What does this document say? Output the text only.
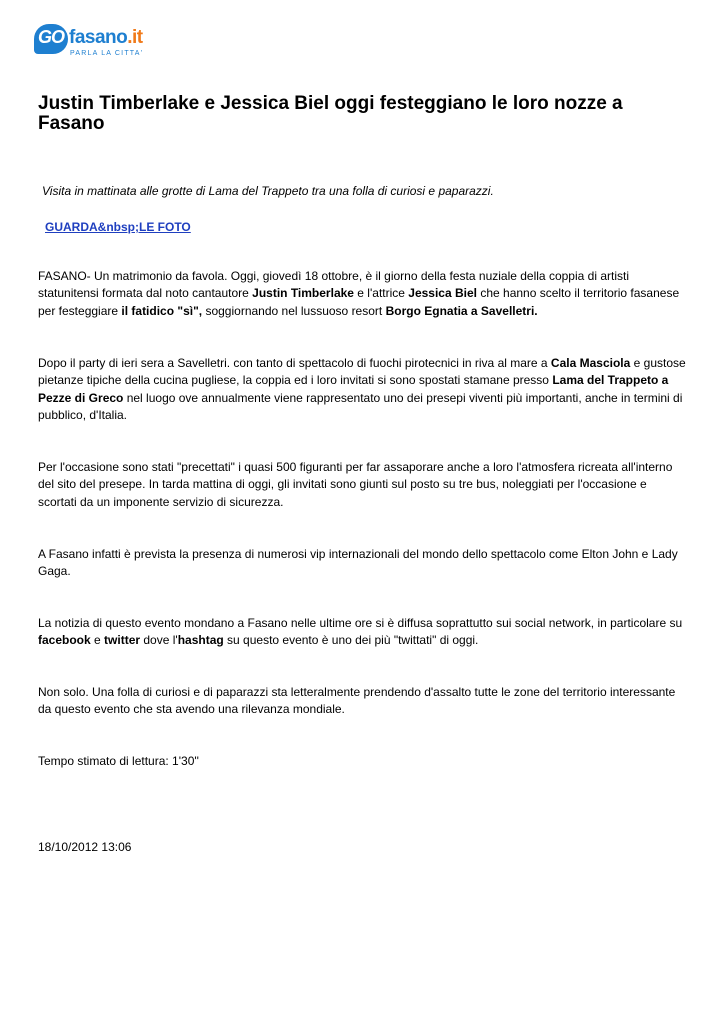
GO fasano.it
PARLA LA CITTA'
Justin Timberlake e Jessica Biel oggi festeggiano le loro nozze a Fasano

Visita in mattinata alle grotte di Lama del Trappeto tra una folla di curiosi e paparazzi.

GUARDA&nbsp;LE FOTO

FASANO- Un matrimonio da favola. Oggi, giovedì 18 ottobre, è il giorno della festa nuziale della coppia di artisti statunitensi formata dal noto cantautore Justin Timberlake e l'attrice Jessica Biel che hanno scelto il territorio fasanese per festeggiare il fatidico "sì", soggiornando nel lussuoso resort Borgo Egnatia a Savelletri.

Dopo il party di ieri sera a Savelletri. con tanto di spettacolo di fuochi pirotecnici in riva al mare a Cala Masciola e gustose pietanze tipiche della cucina pugliese, la coppia ed i loro invitati si sono spostati stamane presso Lama del Trappeto a Pezze di Greco nel luogo ove annualmente viene rappresentato uno dei presepi viventi più importanti, anche in termini di pubblico, d'Italia.

Per l'occasione sono stati "precettati" i quasi 500 figuranti per far assaporare anche a loro l'atmosfera ricreata all'interno del sito del presepe. In tarda mattina di oggi, gli invitati sono giunti sul posto su tre bus, noleggiati per l'occasione e scortati da un imponente servizio di sicurezza.

A Fasano infatti è prevista la presenza di numerosi vip internazionali del mondo dello spettacolo come Elton John e Lady Gaga.

La notizia di questo evento mondano a Fasano nelle ultime ore si è diffusa soprattutto sui social network, in particolare su facebook e twitter dove l'hashtag su questo evento è uno dei più "twittati" di oggi.

Non solo. Una folla di curiosi e di paparazzi sta letteralmente prendendo d'assalto tutte le zone del territorio interessante da questo evento che sta avendo una rilevanza mondiale.

Tempo stimato di lettura: 1'30''

18/10/2012 13:06
